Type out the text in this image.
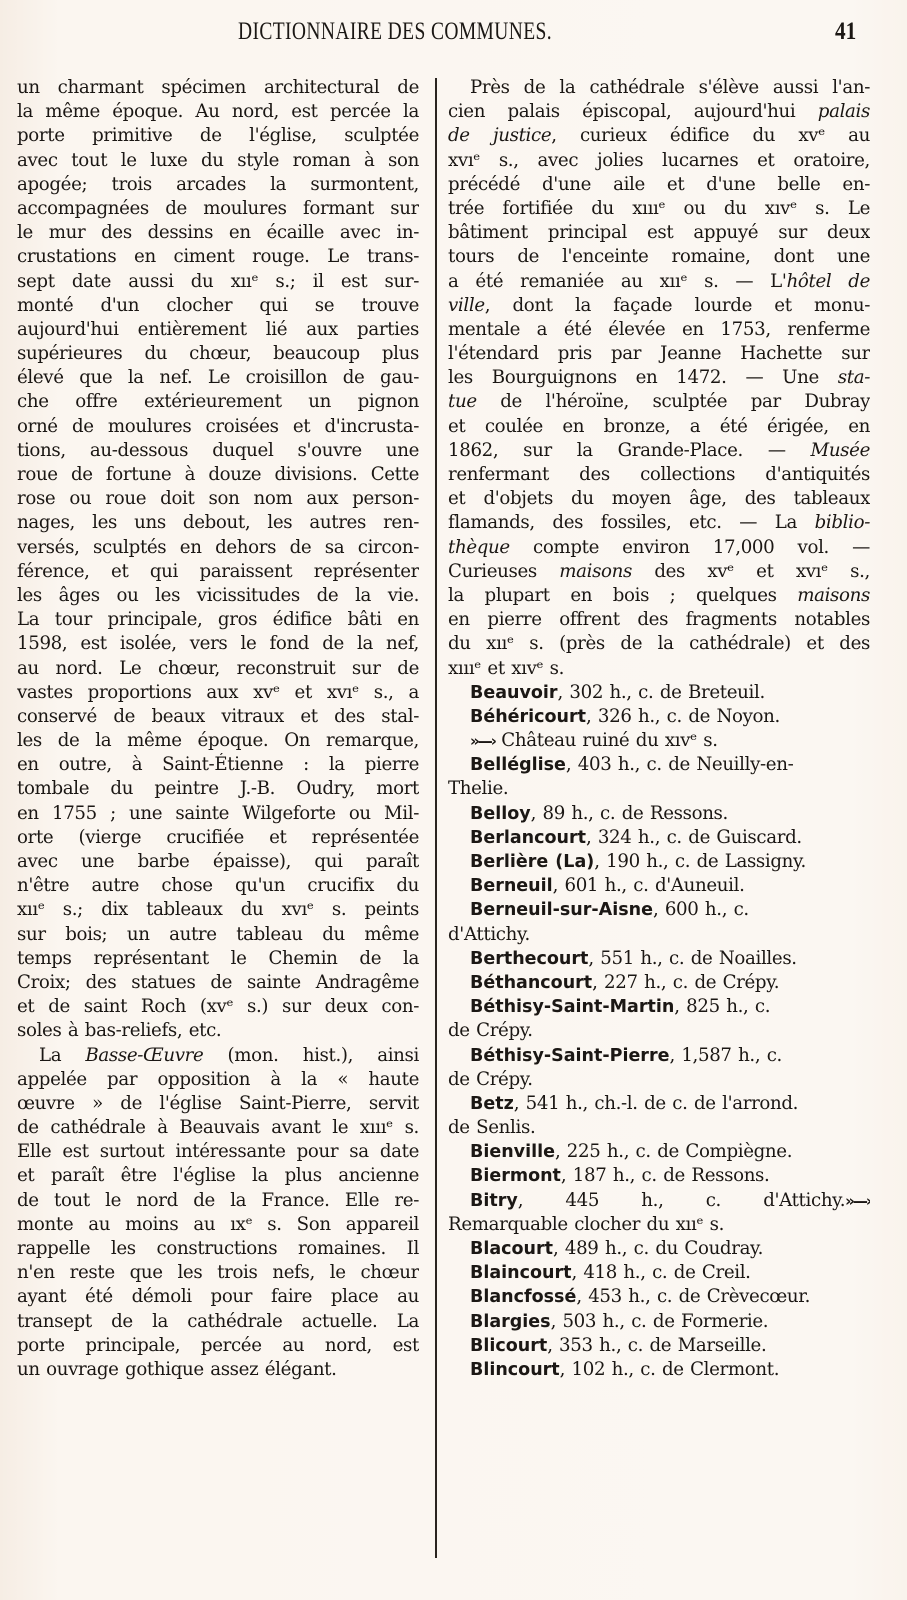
DICTIONNAIRE DES COMMUNES.	41
un charmant spécimen architectural de
la même époque. Au nord, est percée la
porte primitive de l'église, sculptée
avec tout le luxe du style roman à son
apogée; trois arcades la surmontent,
accompagnées de moulures formant sur
le mur des dessins en écaille avec in-
crustations en ciment rouge. Le trans-
sept date aussi du xııᵉ s.; il est sur-
monté d'un clocher qui se trouve
aujourd'hui entièrement lié aux parties
supérieures du chœur, beaucoup plus
élevé que la nef. Le croisillon de gau-
che offre extérieurement un pignon
orné de moulures croisées et d'incrusta-
tions, au-dessous duquel s'ouvre une
roue de fortune à douze divisions. Cette
rose ou roue doit son nom aux person-
nages, les uns debout, les autres ren-
versés, sculptés en dehors de sa circon-
férence, et qui paraissent représenter
les âges ou les vicissitudes de la vie.
La tour principale, gros édifice bâti en
1598, est isolée, vers le fond de la nef,
au nord. Le chœur, reconstruit sur de
vastes proportions aux xvᵉ et xvıᵉ s., a
conservé de beaux vitraux et des stal-
les de la même époque. On remarque,
en outre, à Saint-Étienne : la pierre
tombale du peintre J.-B. Oudry, mort
en 1755 ; une sainte Wilgeforte ou Mil-
orte (vierge crucifiée et représentée
avec une barbe épaisse), qui paraît
n'être autre chose qu'un crucifix du
xııᵉ s.; dix tableaux du xvıᵉ s. peints
sur bois; un autre tableau du même
temps représentant le Chemin de la
Croix; des statues de sainte Andragême
et de saint Roch (xvᵉ s.) sur deux con-
soles à bas-reliefs, etc.
La Basse-Œuvre (mon. hist.), ainsi
appelée par opposition à la « haute
œuvre » de l'église Saint-Pierre, servit
de cathédrale à Beauvais avant le xıııᵉ s.
Elle est surtout intéressante pour sa date
et paraît être l'église la plus ancienne
de tout le nord de la France. Elle re-
monte au moins au ıxᵉ s. Son appareil
rappelle les constructions romaines. Il
n'en reste que les trois nefs, le chœur
ayant été démoli pour faire place au
transept de la cathédrale actuelle. La
porte principale, percée au nord, est
un ouvrage gothique assez élégant.
Près de la cathédrale s'élève aussi l'an-
cien palais épiscopal, aujourd'hui palais
de justice, curieux édifice du xvᵉ au
xvıᵉ s., avec jolies lucarnes et oratoire,
précédé d'une aile et d'une belle en-
trée fortifiée du xıııᵉ ou du xıvᵉ s. Le
bâtiment principal est appuyé sur deux
tours de l'enceinte romaine, dont une
a été remaniée au xııᵉ s. — L'hôtel de
ville, dont la façade lourde et monu-
mentale a été élevée en 1753, renferme
l'étendard pris par Jeanne Hachette sur
les Bourguignons en 1472. — Une sta-
tue de l'héroïne, sculptée par Dubray
et coulée en bronze, a été érigée, en
1862, sur la Grande-Place. — Musée
renfermant des collections d'antiquités
et d'objets du moyen âge, des tableaux
flamands, des fossiles, etc. — La biblio-
thèque compte environ 17,000 vol. —
Curieuses maisons des xvᵉ et xvıᵉ s.,
la plupart en bois ; quelques maisons
en pierre offrent des fragments notables
du xııᵉ s. (près de la cathédrale) et des
xıııᵉ et xıvᵉ s.
Beauvoir, 302 h., c. de Breteuil.
Béhéricourt, 326 h., c. de Noyon.
»—› Château ruiné du xıvᵉ s.
Belléglise, 403 h., c. de Neuilly-en-
Thelie.
Belloy, 89 h., c. de Ressons.
Berlancourt, 324 h., c. de Guiscard.
Berlière (La), 190 h., c. de Lassigny.
Berneuil, 601 h., c. d'Auneuil.
Berneuil-sur-Aisne, 600 h., c.
d'Attichy.
Berthecourt, 551 h., c. de Noailles.
Béthancourt, 227 h., c. de Crépy.
Béthisy-Saint-Martin, 825 h., c.
de Crépy.
Béthisy-Saint-Pierre, 1,587 h., c.
de Crépy.
Betz, 541 h., ch.-l. de c. de l'arrond.
de Senlis.
Bienville, 225 h., c. de Compiègne.
Biermont, 187 h., c. de Ressons.
Bitry, 445 h., c. d'Attichy.»—›
Remarquable clocher du xııᵉ s.
Blacourt, 489 h., c. du Coudray.
Blaincourt, 418 h., c. de Creil.
Blancfossé, 453 h., c. de Crèvecœur.
Blargies, 503 h., c. de Formerie.
Blicourt, 353 h., c. de Marseille.
Blincourt, 102 h., c. de Clermont.
